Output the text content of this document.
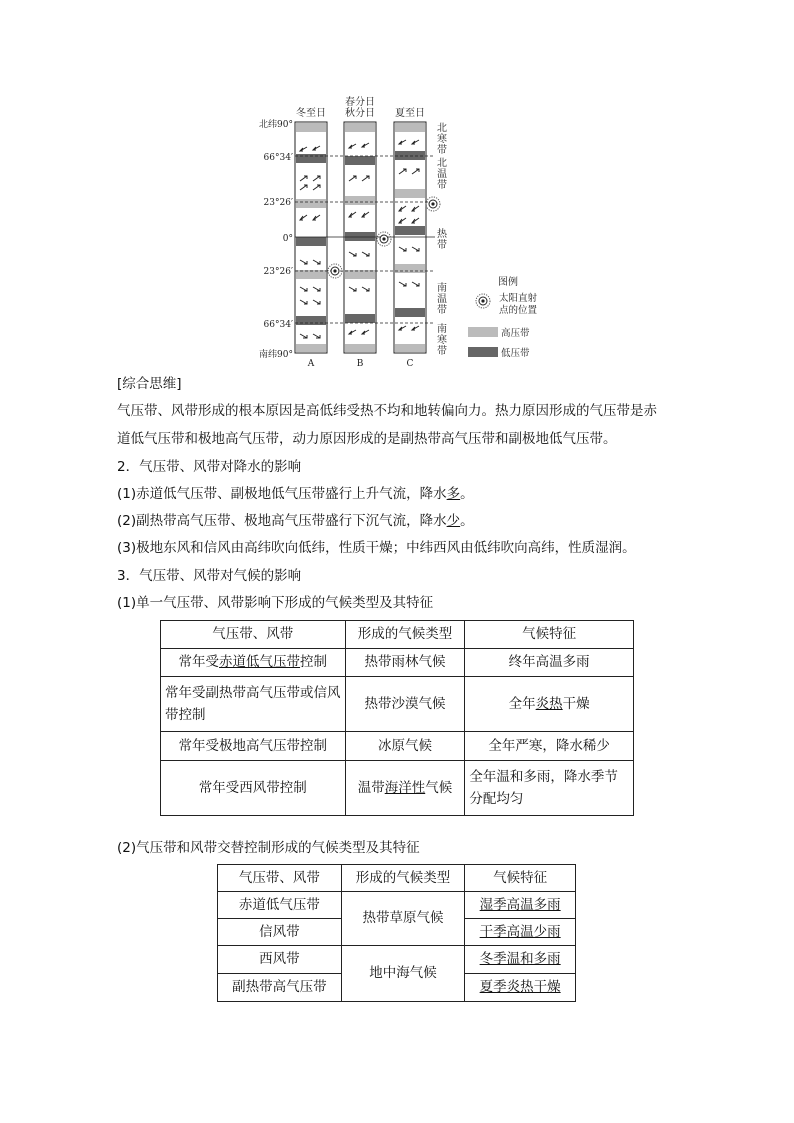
冬至日
春分日
秋分日 夏至日
北纬90°
66°34′
23°26′
0°
23°26′
66°34′
南纬90°
A	B	C
北
寒
带
北
温
带
热
带
南
温
带
南
寒
带
图例
太阳直射
点的位置
高压带
低压带
[综合思维]
气压带、风带形成的根本原因是高低纬受热不均和地转偏向力。热力原因形成的气压带是赤
道低气压带和极地高气压带，动力原因形成的是副热带高气压带和副极地低气压带。
2．气压带、风带对降水的影响
(1)赤道低气压带、副极地低气压带盛行上升气流，降水多。
(2)副热带高气压带、极地高气压带盛行下沉气流，降水少。
(3)极地东风和信风由高纬吹向低纬，性质干燥；中纬西风由低纬吹向高纬，性质湿润。
3．气压带、风带对气候的影响
(1)单一气压带、风带影响下形成的气候类型及其特征
气压带、风带	形成的气候类型	气候特征
常年受赤道低气压带控制	热带雨林气候	终年高温多雨
常年受副热带高气压带或信风带控制	热带沙漠气候	全年炎热干燥
常年受极地高气压带控制	冰原气候	全年严寒，降水稀少
常年受西风带控制	温带海洋性气候	全年温和多雨，降水季节分配均匀
(2)气压带和风带交替控制形成的气候类型及其特征
气压带、风带	形成的气候类型	气候特征
赤道低气压带	热带草原气候	湿季高温多雨
信风带		干季高温少雨
西风带	地中海气候	冬季温和多雨
副热带高气压带		夏季炎热干燥
